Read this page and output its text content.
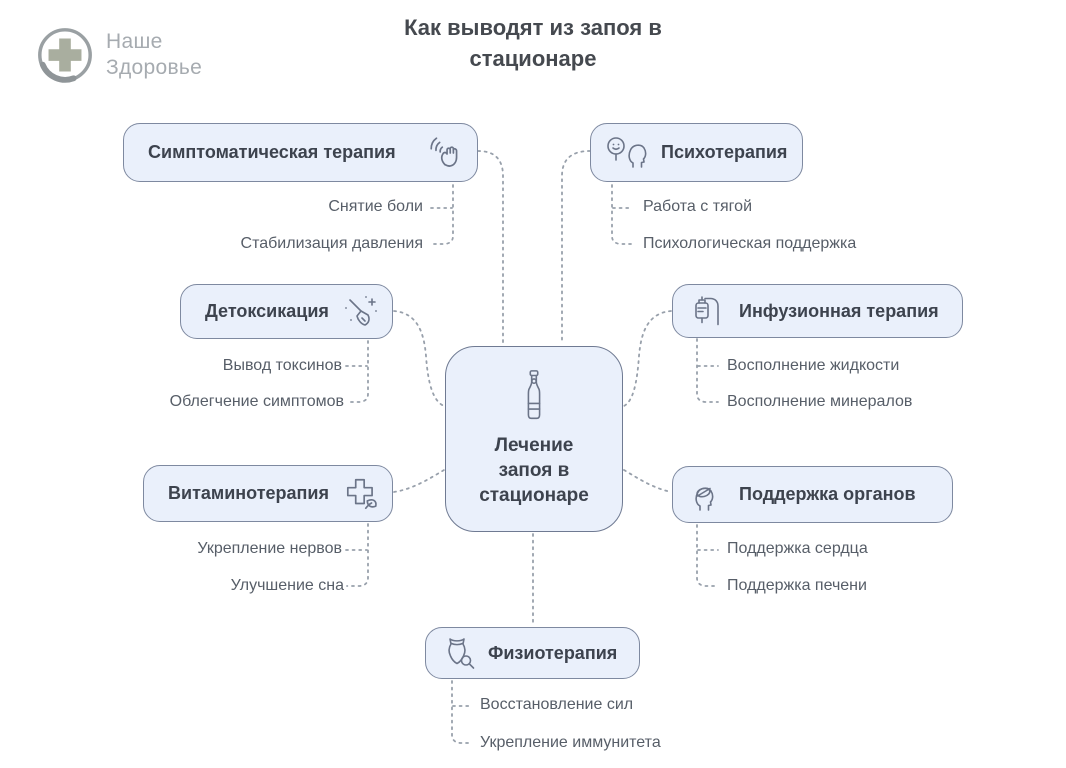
Наше
Здоровье
Как выводят из запоя в стационаре
Лечение запоя в стационаре
Симптоматическая терапия	Психотерапия
Детоксикация	Инфузионная терапия
Витаминотерапия	Поддержка органов
Физиотерапия
Снятие боли
Стабилизация давления
Вывод токсинов
Облегчение симптомов
Укрепление нервов
Улучшение сна
Работа с тягой
Психологическая поддержка
Восполнение жидкости
Восполнение минералов
Поддержка сердца
Поддержка печени
Восстановление сил
Укрепление иммунитета
